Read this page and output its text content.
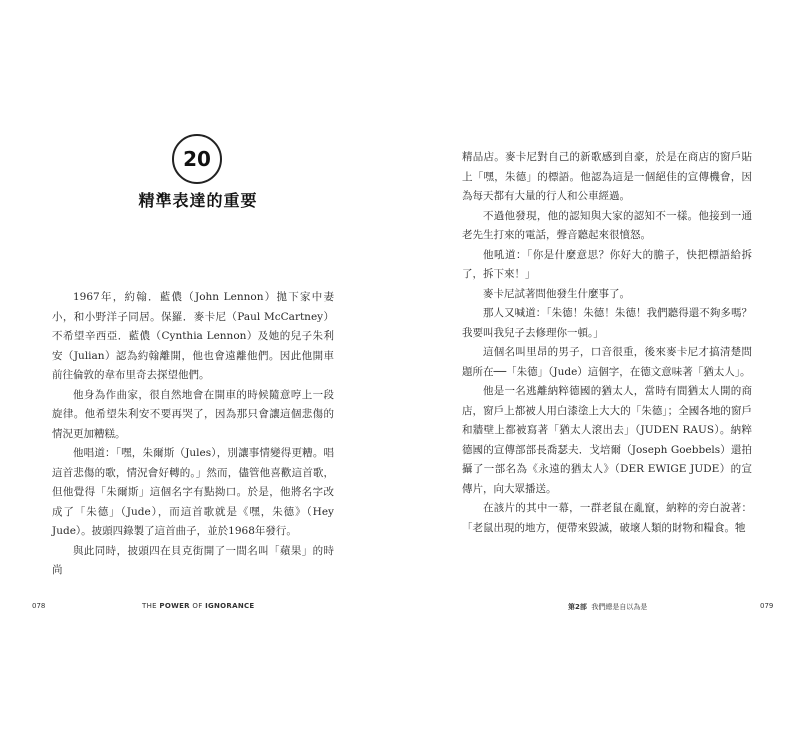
20
精準表達的重要

1967年，約翰．藍儂（John Lennon）拋下家中妻小，和小野洋子同居。保羅．麥卡尼（Paul McCartney）不希望辛西亞．藍儂（Cynthia Lennon）及她的兒子朱利安（Julian）認為約翰離開，他也會遠離他們。因此他開車前往倫敦的韋布里奇去探望他們。

他身為作曲家，很自然地會在開車的時候隨意哼上一段旋律。他希望朱利安不要再哭了，因為那只會讓這個悲傷的情況更加糟糕。

他唱道：「嘿，朱爾斯（Jules），別讓事情變得更糟。唱這首悲傷的歌，情況會好轉的。」然而，儘管他喜歡這首歌，但他覺得「朱爾斯」這個名字有點拗口。於是，他將名字改成了「朱德」（Jude），而這首歌就是《嘿，朱德》（Hey Jude）。披頭四錄製了這首曲子，並於1968年發行。

與此同時，披頭四在貝克街開了一間名叫「蘋果」的時尚

078	THE POWER OF IGNORANCE

精品店。麥卡尼對自己的新歌感到自豪，於是在商店的窗戶貼上「嘿，朱德」的標語。他認為這是一個絕佳的宣傳機會，因為每天都有大量的行人和公車經過。

不過他發現，他的認知與大家的認知不一樣。他接到一通老先生打來的電話，聲音聽起來很憤怒。

他吼道：「你是什麼意思？你好大的膽子，快把標語給拆了，拆下來！」

麥卡尼試著問他發生什麼事了。

那人又喊道：「朱德！朱德！朱德！我們聽得還不夠多嗎？我要叫我兒子去修理你一頓。」

這個名叫里昂的男子，口音很重，後來麥卡尼才搞清楚問題所在──「朱德」（Jude）這個字，在德文意味著「猶太人」。

他是一名逃離納粹德國的猶太人，當時有間猶太人開的商店，窗戶上都被人用白漆塗上大大的「朱德」；全國各地的窗戶和牆壁上都被寫著「猶太人滾出去」（JUDEN RAUS）。納粹德國的宣傳部部長喬瑟夫．戈培爾（Joseph Goebbels）還拍攝了一部名為《永遠的猶太人》（DER EWIGE JUDE）的宣傳片，向大眾播送。

在該片的其中一幕，一群老鼠在亂竄，納粹的旁白說著：「老鼠出現的地方，便帶來毀滅，破壞人類的財物和糧食。牠

第2部 我們總是自以為是	079
